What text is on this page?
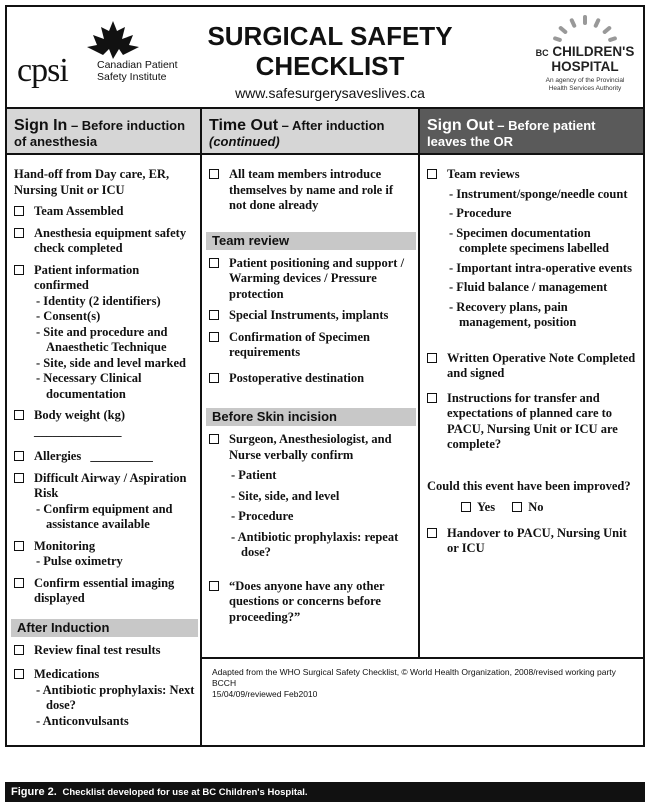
cpsi	Canadian Patient
Safety Institute
SURGICAL SAFETY
CHECKLIST
www.safesurgerysaveslives.ca
BC CHILDREN'S
HOSPITAL
An agency of the Provincial
Health Services Authority
Sign In – Before induction of anesthesia
Hand-off from Day care, ER, Nursing Unit or ICU
Team Assembled
Anesthesia equipment safety check completed
Patient information confirmed
- Identity (2 identifiers)
- Consent(s)
- Site and procedure and Anaesthetic Technique
- Site, side and level marked
- Necessary Clinical documentation
Body weight (kg)
______________
Allergies __________
Difficult Airway / Aspiration Risk
- Confirm equipment and assistance available
Monitoring
- Pulse oximetry
Confirm essential imaging displayed
After Induction
Review final test results
Medications
- Antibiotic prophylaxis: Next dose?
- Anticonvulsants
Time Out – After induction
(continued)
All team members introduce themselves by name and role if not done already
Team review
Patient positioning and support / Warming devices / Pressure protection
Special Instruments, implants
Confirmation of Specimen requirements
Postoperative destination
Before Skin incision
Surgeon, Anesthesiologist, and Nurse verbally confirm
- Patient
- Site, side, and level
- Procedure
- Antibiotic prophylaxis: repeat dose?
“Does anyone have any other questions or concerns before proceeding?”
Sign Out – Before patient leaves the OR
Team reviews
- Instrument/sponge/needle count
- Procedure
- Specimen documentation complete specimens labelled
- Important intra-operative events
- Fluid balance / management
- Recovery plans, pain management, position
Written Operative Note Completed and signed
Instructions for transfer and expectations of planned care to PACU, Nursing Unit or ICU are complete?
Could this event have been improved?
Yes	No
Handover to PACU, Nursing Unit or ICU
Adapted from the WHO Surgical Safety Checklist, © World Health Organization, 2008/revised working party BCCH
15/04/09/reviewed Feb2010
Figure 2. Checklist developed for use at BC Children's Hospital.
